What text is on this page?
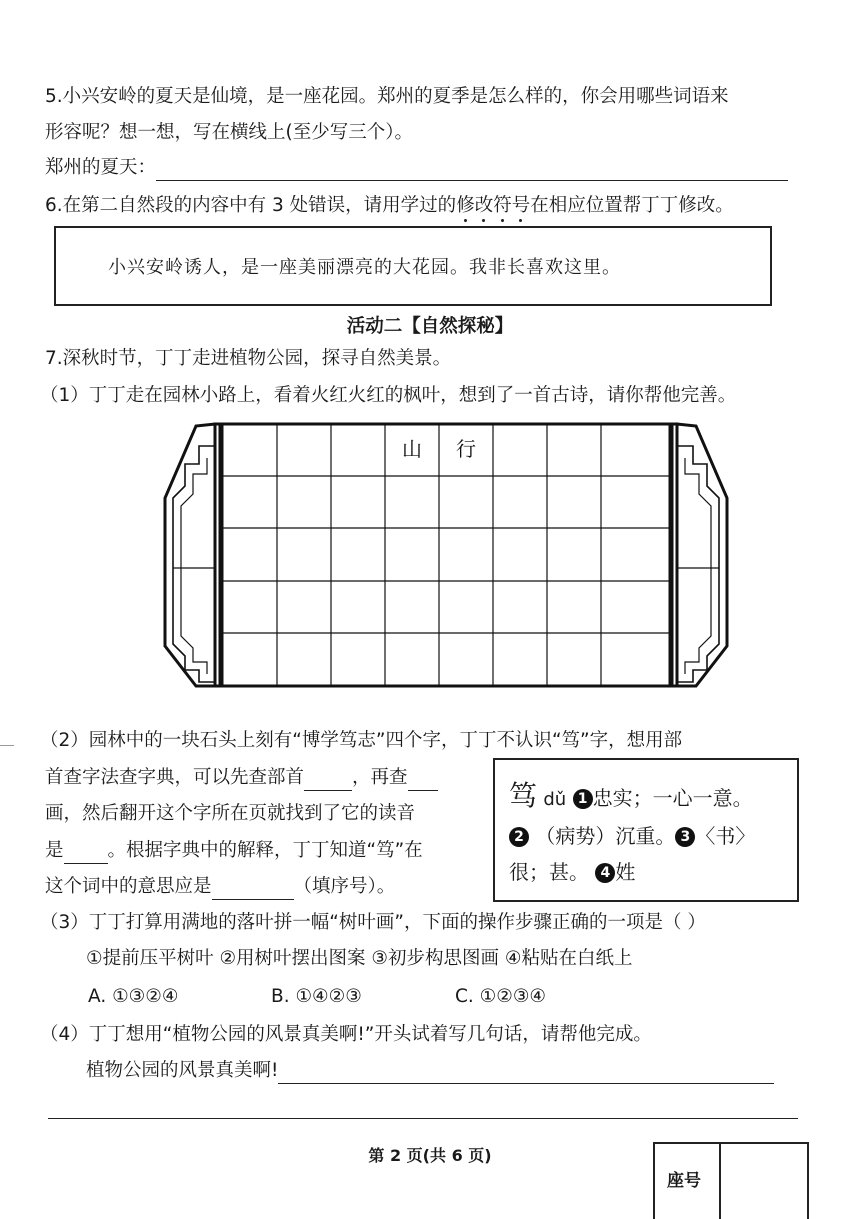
5.小兴安岭的夏天是仙境，是一座花园。郑州的夏季是怎么样的，你会用哪些词语来
形容呢？想一想，写在横线上(至少写三个）。
郑州的夏天：
6.在第二自然段的内容中有 3 处错误，请用学过的修改符号在相应位置帮丁丁修改。
小兴安岭诱人，是一座美丽漂亮的大花园。我非长喜欢这里。
活动二【自然探秘】
7.深秋时节，丁丁走进植物公园，探寻自然美景。
（1）丁丁走在园林小路上，看着火红火红的枫叶，想到了一首古诗，请你帮他完善。
山 行
（2）园林中的一块石头上刻有“博学笃志”四个字，丁丁不认识“笃”字，想用部
首查字法查字典，可以先查部首	，再查
画，然后翻开这个字所在页就找到了它的读音
是 。根据字典中的解释，丁丁知道“笃”在
这个词中的意思应是	（填序号）。
笃 dǔ 1 忠实；一心一意。
2 （病势）沉重。 3 〈书〉
很；甚。 4 姓
（3）丁丁打算用满地的落叶拼一幅“树叶画”，下面的操作步骤正确的一项是（ ）
①提前压平树叶 ②用树叶摆出图案 ③初步构思图画 ④粘贴在白纸上
A. ①③②④	B. ①④②③	C. ①②③④
（4）丁丁想用“植物公园的风景真美啊!”开头试着写几句话，请帮他完成。
植物公园的风景真美啊!
第 2 页(共 6 页)
座号
